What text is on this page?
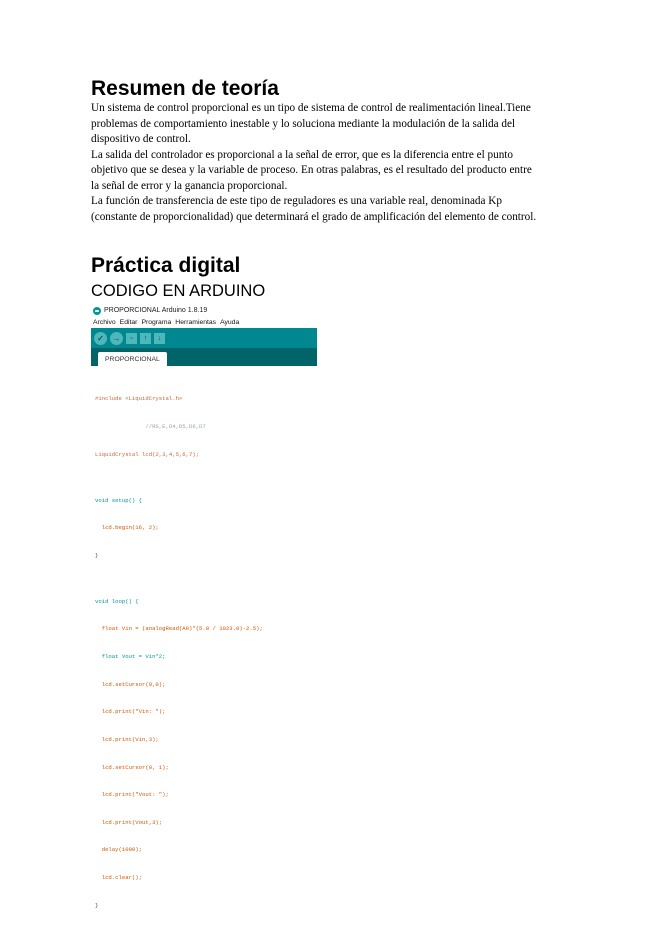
Resumen de teoría

Un sistema de control proporcional es un tipo de sistema de control de realimentación lineal.Tiene

problemas de comportamiento inestable y lo soluciona mediante la modulación de la salida del

dispositivo de control.

La salida del controlador es proporcional a la señal de error, que es la diferencia entre el punto

objetivo que se desea y la variable de proceso. En otras palabras, es el resultado del producto entre

la señal de error y la ganancia proporcional.

La función de transferencia de este tipo de reguladores es una variable real, denominada Kp

(constante de proporcionalidad) que determinará el grado de amplificación del elemento de control.

Práctica digital
CODIGO EN ARDUINO
PROPORCIONAL Arduino 1.8.19
Archivo Editar Programa Herramientas Ayuda
✓	→	▫	↑	↓
PROPORCIONAL

#include <LiquidCrystal.h>

//RS,E,D4,D5,D6,D7

LiquidCrystal lcd(2,3,4,5,6,7);

void setup() {

lcd.begin(16, 2);

}

void loop() {

float Vin = (analogRead(A0)*(5.0 / 1023.0)-2.5);

float Vout = Vin*2;

lcd.setCursor(0,0);

lcd.print("Vin: ");

lcd.print(Vin,3);

lcd.setCursor(0, 1);

lcd.print("Vout: ");

lcd.print(Vout,3);

delay(1000);

lcd.clear();

}
